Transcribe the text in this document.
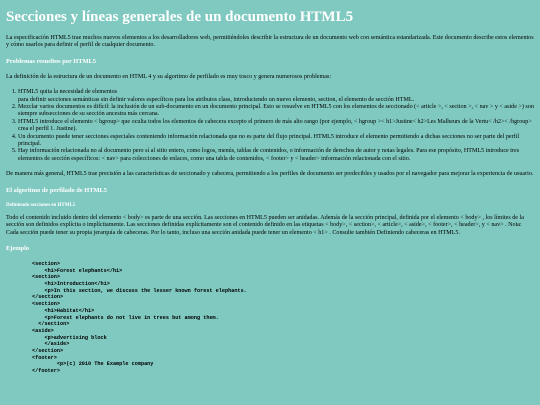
Secciones y líneas generales de un documento HTML5

La especificación HTML5 trae muchos nuevos elementos a los desarrolladores web, permitiéndoles describir la estructura de un documento web con semántica estandarizada. Este documento describe estos elementos y cómo usarlos para definir el perfil de cualquier documento.

Problemas resueltos por HTML5

La definición de la estructura de un documento en HTML 4 y su algoritmo de perfilado es muy tosco y genera numerosos problemas:

1. HTML5 quita la necesidad de elementos
para definir secciones semánticas sin definir valores específicos para los atributos class, introduciendo un nuevo elemento, section, el elemento de sección HTML.
2. Mezclar varios documentos es difícil: la inclusión de un sub-documento en un documento principal. Esto se resuelve en HTML5 con los elementos de seccionado (< article >, < section >, < nav > y < aside >) son siempre subsecciones de su sección ancestra más cercana.
3. HTML5 introduce el elemento < hgroup> que oculta todos los elementos de cabecera excepto el primero de más alto rango (por ejemplo, < hgroup >< h1>Justine< h2>Les Malheurs de la Vertu< /h2>< /hgroup> crea el perfil 1. Justine).
4. Un documento puede tener secciones especiales conteniendo información relacionada que no es parte del flujo principal. HTML5 introduce el elemento permitiendo a dichas secciones no ser parte del perfil principal.
5. Hay información relacionada no al documento pero sí al sitio entero, como logos, menús, tablas de contenidos, o información de derechos de autor y notas legales. Para ese propósito, HTML5 introduce tres elementos de sección específicos: < nav> para colecciones de enlaces, como una tabla de contenidos, < footer> y < header> información relacionada con el sitio.

De manera más general, HTML5 trae precisión a las características de seccionado y cabecera, permitiendo a los perfiles de documento ser predecibles y usados por el navegador para mejorar la experiencia de usuario.

El algoritmo de perfilado de HTML5
Definiendo secciones en HTML5

Todo el contenido incluido dentro del elemento < body> es parte de una sección. Las secciones en HTML5 pueden ser anidadas. Además de la sección principal, definida por el elemento < body> , los límites de la sección son definidos explícita o implícitamente. Las secciones definidas explícitamente son el contenido definido en las etiquetas < body>, < section>, < article>, < aside>, < footer>, < header>, y < nav> . Nota: Cada sección puede tener su propia jerarquía de cabeceras. Por lo tanto, incluso una sección anidada puede tener un elemento < h1> . Consulte también Definiendo cabeceras en HTML5.

Ejemplo
<section>
<h1>Forest elephants</h1>
<section>
<h1>Introduction</h1>
<p>In this section, we discuss the lesser known forest elephants.
</section>
<section>
<h1>Habitat</h1>
<p>Forest elephants do not live in trees but among them.
</section>
<aside>
<p>advertising block
</aside>
</section>
<footer>
<p>(c) 2010 The Example company
</footer>
